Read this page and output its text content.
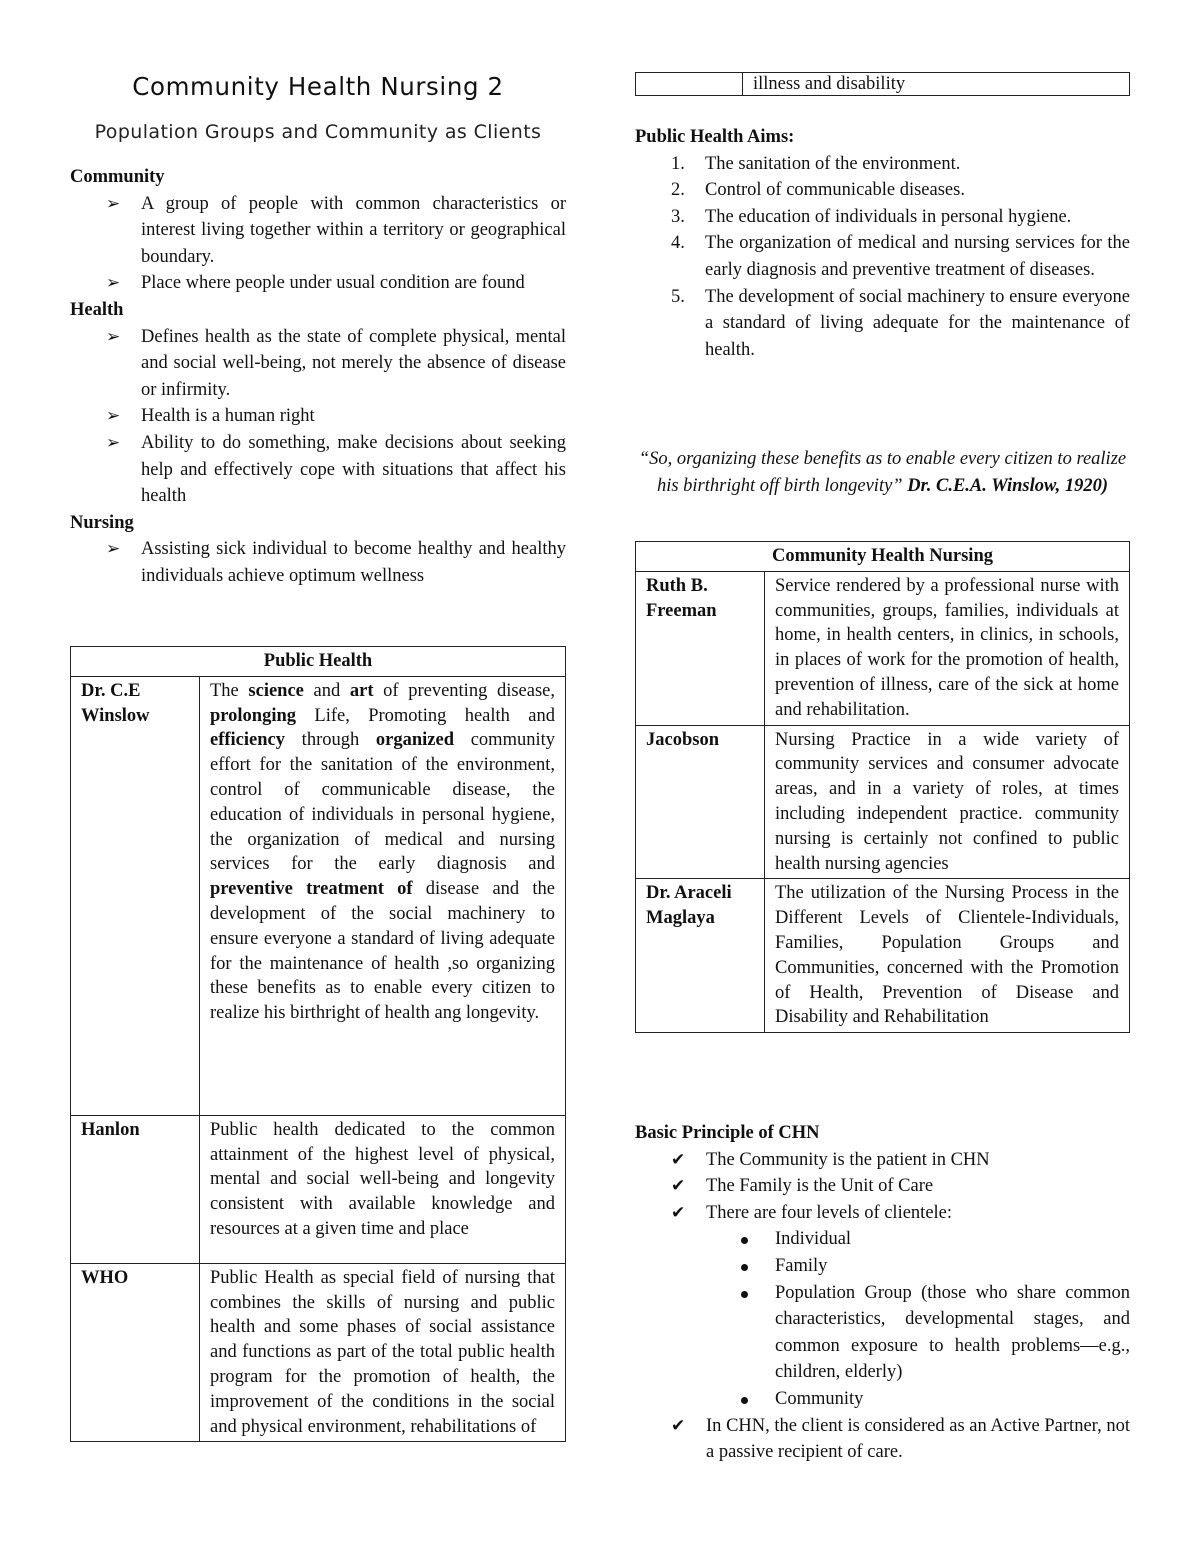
Community Health Nursing 2
Population Groups and Community as Clients

Community

➢ A group of people with common characteristics or interest living together within a territory or geographical boundary.
➢ Place where people under usual condition are found

Health

➢ Defines health as the state of complete physical, mental and social well-being, not merely the absence of disease or infirmity.
➢ Health is a human right
➢ Ability to do something, make decisions about seeking help and effectively cope with situations that affect his health

Nursing

➢ Assisting sick individual to become healthy and healthy individuals achieve optimum wellness
Public Health	
Dr. C.E Winslow	The science and art of preventing disease, prolonging Life, Promoting health and efficiency through organized community effort for the sanitation of the environment, control of communicable disease, the education of individuals in personal hygiene, the organization of medical and nursing services for the early diagnosis and preventive treatment of disease and the development of the social machinery to ensure everyone a standard of living adequate for the maintenance of health ,so organizing these benefits as to enable every citizen to realize his birthright of health ang longevity.
Hanlon	Public health dedicated to the common attainment of the highest level of physical, mental and social well-being and longevity consistent with available knowledge and resources at a given time and place
WHO	Public Health as special field of nursing that combines the skills of nursing and public health and some phases of social assistance and functions as part of the total public health program for the promotion of health, the improvement of the conditions in the social and physical environment, rehabilitations of
	illness and disability

Public Health Aims:

1. The sanitation of the environment.
2. Control of communicable diseases.
3. The education of individuals in personal hygiene.
4. The organization of medical and nursing services for the early diagnosis and preventive treatment of diseases.
5. The development of social machinery to ensure everyone a standard of living adequate for the maintenance of health.
“So, organizing these benefits as to enable every citizen to realize his birthright off birth longevity” Dr. C.E.A. Winslow, 1920)
Community Health Nursing	
Ruth B. Freeman	Service rendered by a professional nurse with communities, groups, families, individuals at home, in health centers, in clinics, in schools, in places of work for the promotion of health, prevention of illness, care of the sick at home and rehabilitation.
Jacobson	Nursing Practice in a wide variety of community services and consumer advocate areas, and in a variety of roles, at times including independent practice. community nursing is certainly not confined to public health nursing agencies
Dr. Araceli Maglaya	The utilization of the Nursing Process in the Different Levels of Clientele-Individuals, Families, Population Groups and Communities, concerned with the Promotion of Health, Prevention of Disease and Disability and Rehabilitation

Basic Principle of CHN

✔ The Community is the patient in CHN
✔ The Family is the Unit of Care
✔ There are four levels of clientele:
Individual
Family
Population Group (those who share common characteristics, developmental stages, and common exposure to health problems—e.g., children, elderly)
Community
✔ In CHN, the client is considered as an Active Partner, not a passive recipient of care.
